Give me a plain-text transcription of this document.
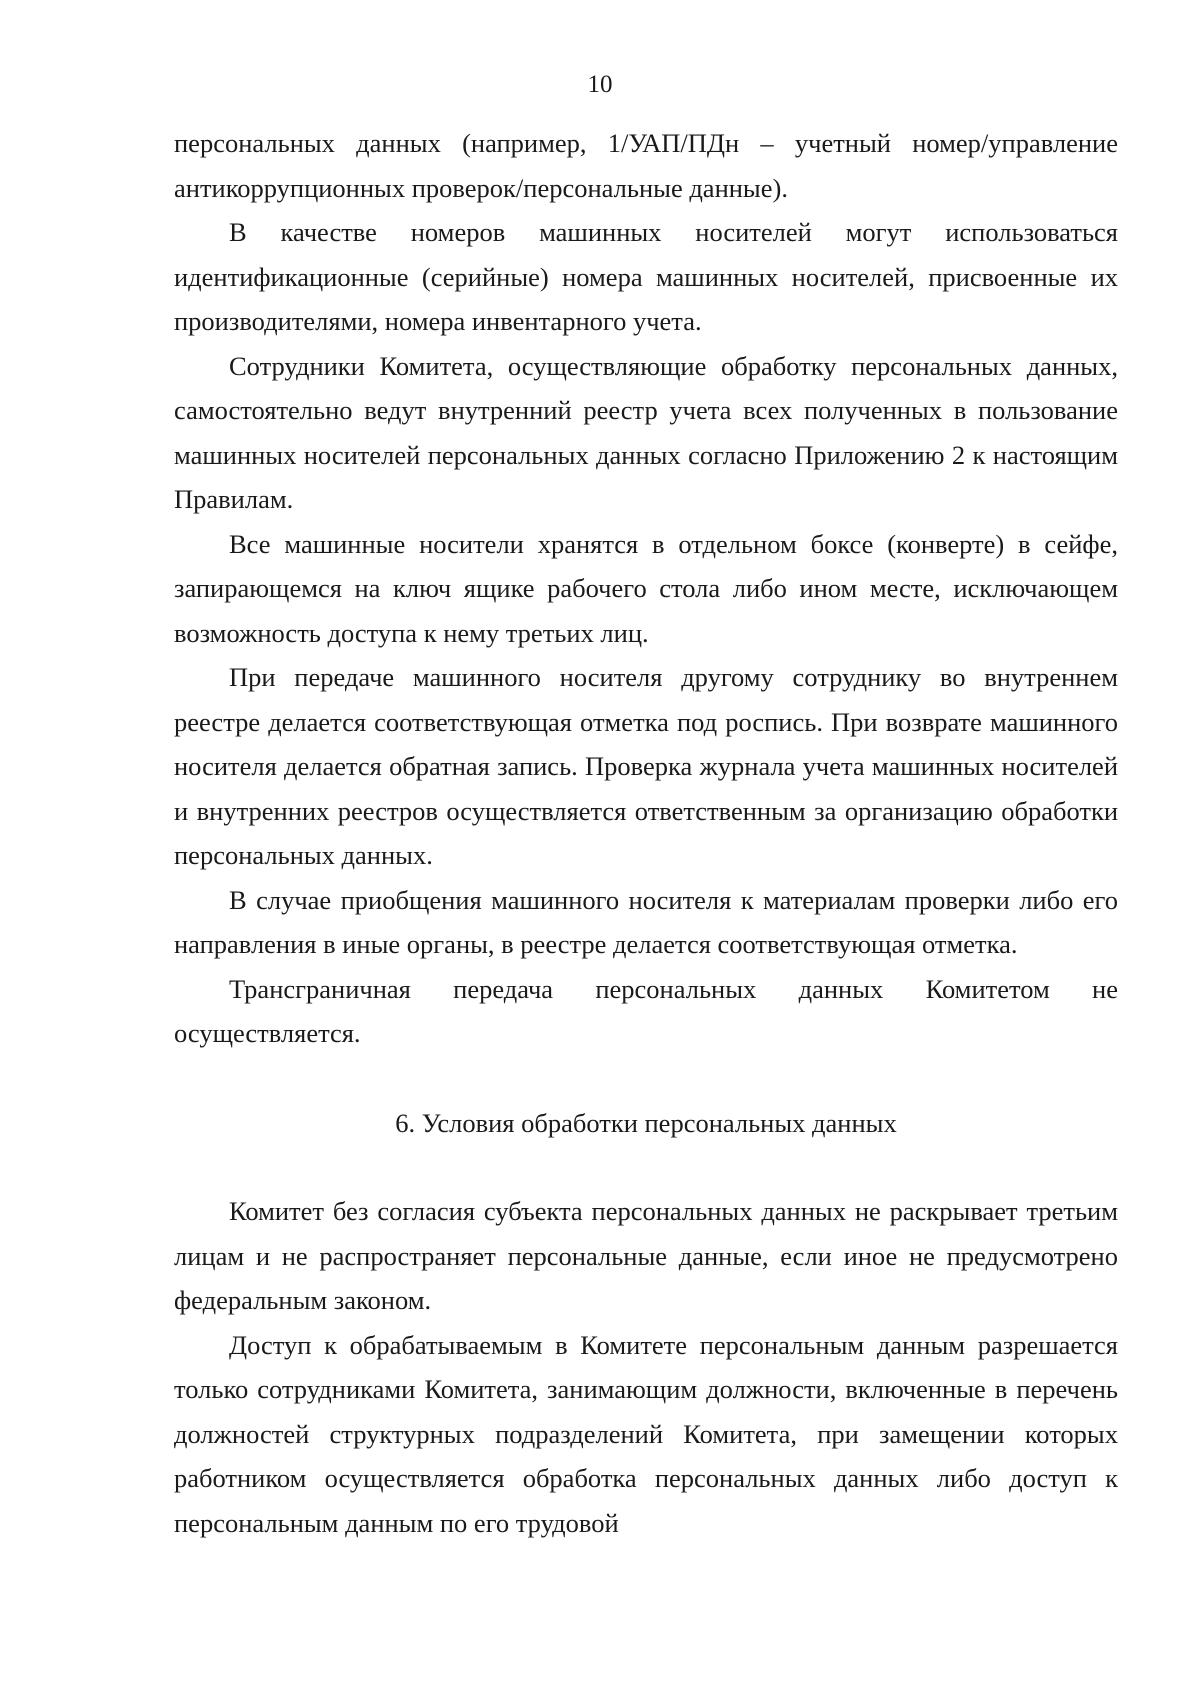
10

персональных данных (например, 1/УАП/ПДн – учетный номер/управление антикоррупционных проверок/персональные данные).

В качестве номеров машинных носителей могут использоваться идентификационные (серийные) номера машинных носителей, присвоенные их производителями, номера инвентарного учета.

Сотрудники Комитета, осуществляющие обработку персональных данных, самостоятельно ведут внутренний реестр учета всех полученных в пользование машинных носителей персональных данных согласно Приложению 2 к настоящим Правилам.

Все машинные носители хранятся в отдельном боксе (конверте) в сейфе, запирающемся на ключ ящике рабочего стола либо ином месте, исключающем возможность доступа к нему третьих лиц.

При передаче машинного носителя другому сотруднику во внутреннем реестре делается соответствующая отметка под роспись. При возврате машинного носителя делается обратная запись. Проверка журнала учета машинных носителей и внутренних реестров осуществляется ответственным за организацию обработки персональных данных.

В случае приобщения машинного носителя к материалам проверки либо его направления в иные органы, в реестре делается соответствующая отметка.

Трансграничная передача персональных данных Комитетом не осуществляется.

6. Условия обработки персональных данных

Комитет без согласия субъекта персональных данных не раскрывает третьим лицам и не распространяет персональные данные, если иное не предусмотрено федеральным законом.

Доступ к обрабатываемым в Комитете персональным данным разрешается только сотрудниками Комитета, занимающим должности, включенные в перечень должностей структурных подразделений Комитета, при замещении которых работником осуществляется обработка персональных данных либо доступ к персональным данным по его трудовой
